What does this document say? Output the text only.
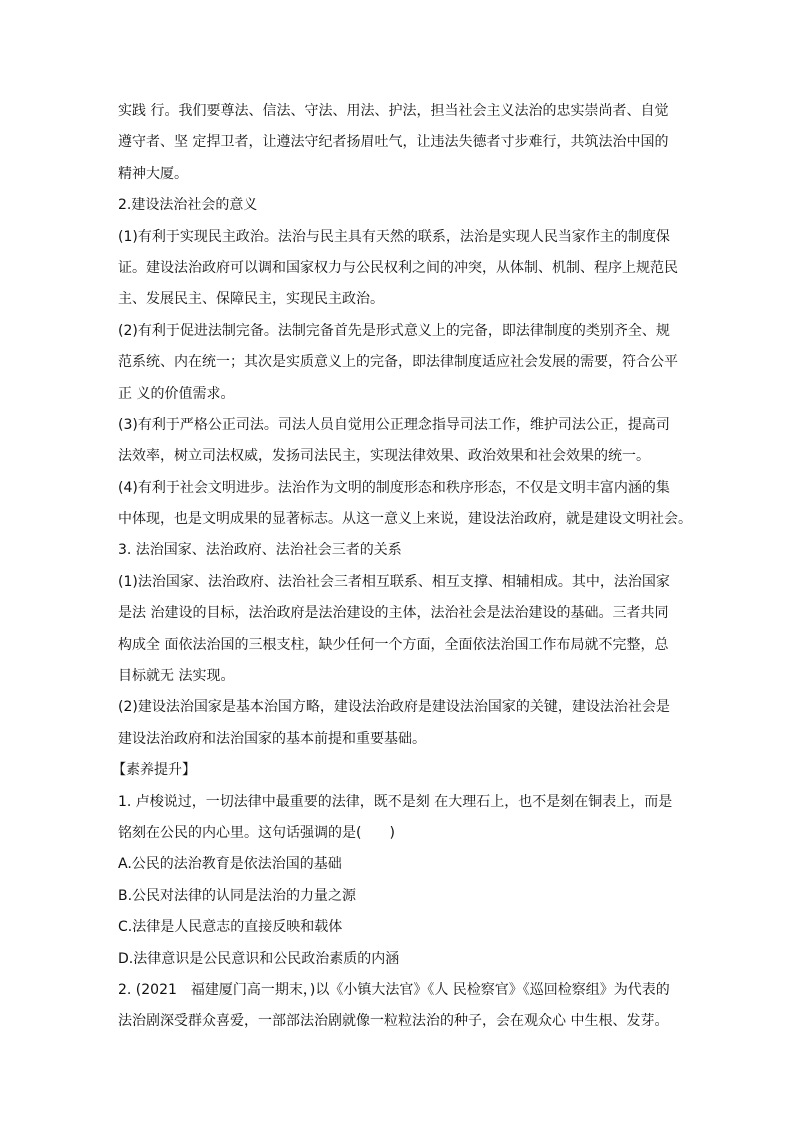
实践 行。我们要尊法、信法、守法、用法、护法，担当社会主义法治的忠实崇尚者、自觉

遵守者、坚 定捍卫者，让遵法守纪者扬眉吐气，让违法失德者寸步难行，共筑法治中国的

精神大厦。

2.建设法治社会的意义

(1)有利于实现民主政治。法治与民主具有天然的联系，法治是实现人民当家作主的制度保

证。建设法治政府可以调和国家权力与公民权利之间的冲突，从体制、机制、程序上规范民

主、发展民主、保障民主，实现民主政治。

(2)有利于促进法制完备。法制完备首先是形式意义上的完备，即法律制度的类别齐全、规

范系统、内在统一；其次是实质意义上的完备，即法律制度适应社会发展的需要，符合公平

正 义的价值需求。

(3)有利于严格公正司法。司法人员自觉用公正理念指导司法工作，维护司法公正，提高司

法效率，树立司法权威，发扬司法民主，实现法律效果、政治效果和社会效果的统一。

(4)有利于社会文明进步。法治作为文明的制度形态和秩序形态，不仅是文明丰富内涵的集

中体现，也是文明成果的显著标志。从这一意义上来说，建设法治政府，就是建设文明社会。

3. 法治国家、法治政府、法治社会三者的关系

(1)法治国家、法治政府、法治社会三者相互联系、相互支撑、相辅相成。其中，法治国家

是法 治建设的目标，法治政府是法治建设的主体，法治社会是法治建设的基础。三者共同

构成全 面依法治国的三根支柱，缺少任何一个方面，全面依法治国工作布局就不完整，总

目标就无 法实现。

(2)建设法治国家是基本治国方略，建设法治政府是建设法治国家的关键，建设法治社会是

建设法治政府和法治国家的基本前提和重要基础。

【素养提升】

1. 卢梭说过，一切法律中最重要的法律，既不是刻 在大理石上，也不是刻在铜表上，而是

铭刻在公民的内心里。这句话强调的是(　　)

A.公民的法治教育是依法治国的基础

B.公民对法律的认同是法治的力量之源

C.法律是人民意志的直接反映和载体

D.法律意识是公民意识和公民政治素质的内涵

2. (2021　福建厦门高一期末，)以《小镇大法官》《人 民检察官》《巡回检察组》为代表的

法治剧深受群众喜爱，一部部法治剧就像一粒粒法治的种子，会在观众心 中生根、发芽。
